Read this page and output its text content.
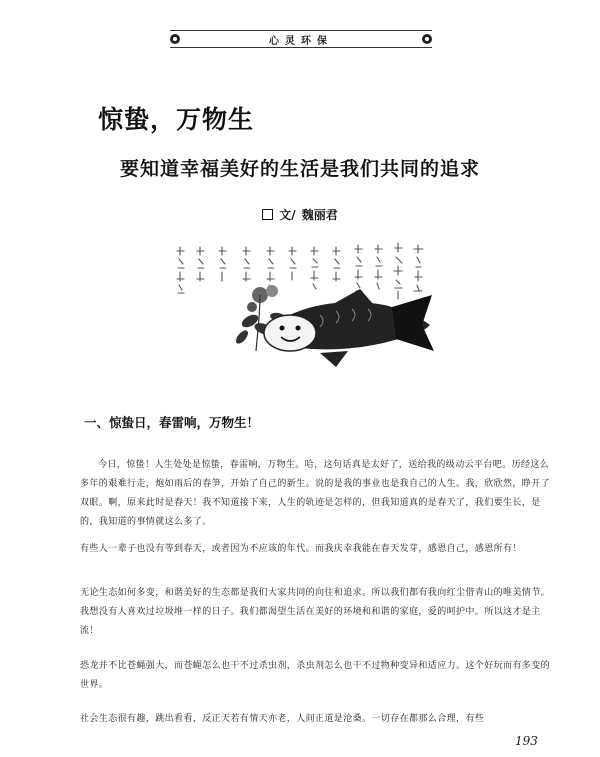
心灵环保
惊蛰，万物生
要知道幸福美好的生活是我们共同的追求
文/ 魏丽君
一、惊蛰日，春雷响，万物生！

今日，惊蛰！人生处处是惊蛰，春雷响，万物生。哈，这句话真是太好了，送给我的级动云平台吧。历经这么多年的艰难行走，炮如雨后的春笋，开始了自己的新生。说的是我的事业也是我自己的人生。我，欣欣然，睁开了双眼。啊，原来此时是春天！我不知道接下来，人生的轨迹是怎样的，但我知道真的是春天了，我们要生长，是的，我知道的事情就这么多了。

有些人一辈子也没有等到春天，或者因为不应该的年代。而我庆幸我能在春天发芽，感恩自己，感恩所有！

无论生态如何多变，和谐美好的生态都是我们大家共同的向往和追求。所以我们都有我向红尘借青山的唯美情节。我想没有人喜欢过垃圾堆一样的日子。我们都渴望生活在美好的环境和和谐的家庭，爱的呵护中。所以这才是主流！

恐龙并不比苍蝇强大，而苍蝇怎么也干不过杀虫剂，杀虫剂怎么也干不过物种变异和适应力。这个好玩而有多变的世界。

社会生态很有趣，跳出看看，反正天若有情天亦老，人间正道是沧桑。一切存在都那么合理，有些

193
